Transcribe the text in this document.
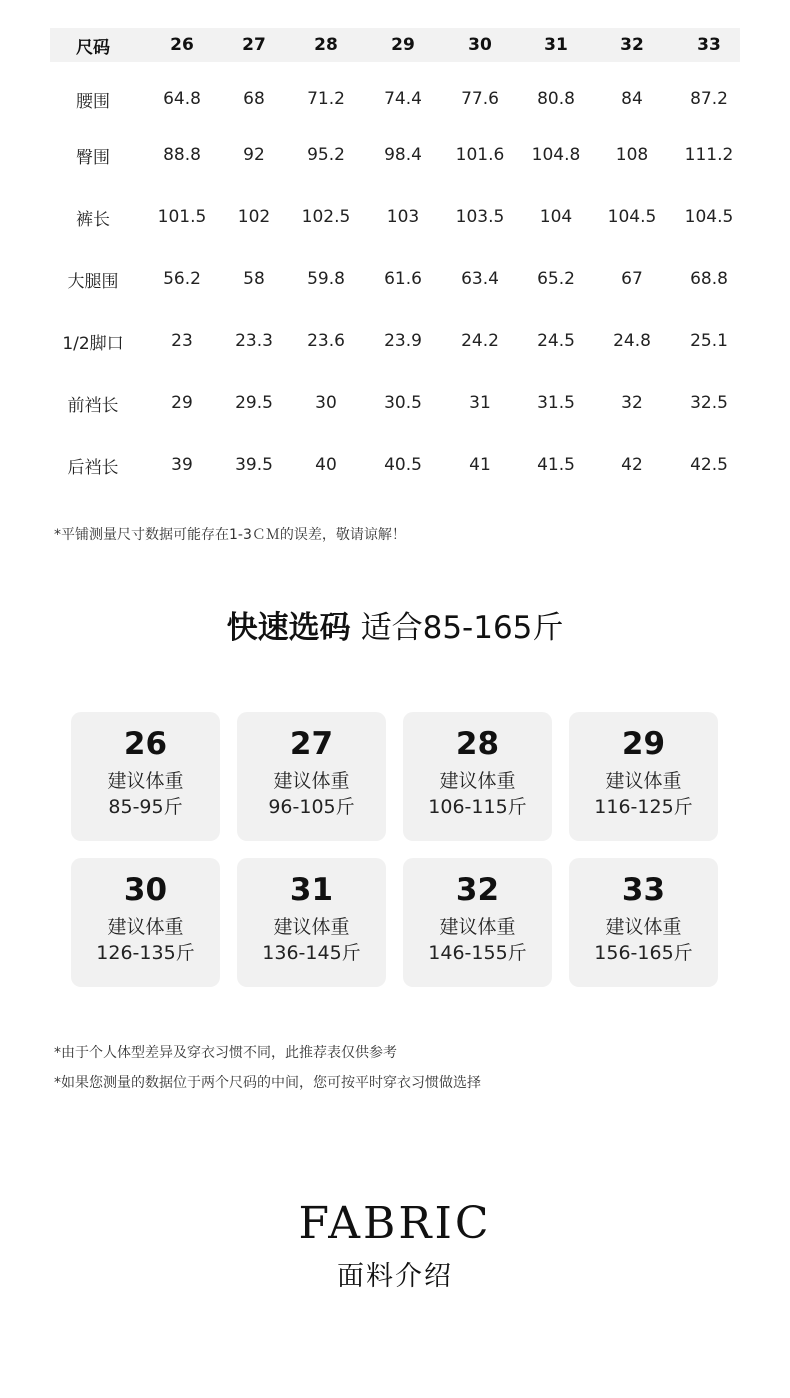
尺码	26	27	28	29	30	31	32	33
腰围	64.8	68	71.2	74.4	77.6	80.8	84	87.2
臀围	88.8	92	95.2	98.4	101.6	104.8	108	111.2
裤长	101.5	102	102.5	103	103.5	104	104.5	104.5
大腿围	56.2	58	59.8	61.6	63.4	65.2	67	68.8
1/2脚口	23	23.3	23.6	23.9	24.2	24.5	24.8	25.1
前裆长	29	29.5	30	30.5	31	31.5	32	32.5
后裆长	39	39.5	40	40.5	41	41.5	42	42.5
*平铺测量尺寸数据可能存在1-3ＣＭ的误差，敬请谅解！
快速选码 适合85-165斤
26
建议体重
85-95斤
27
建议体重
96-105斤
28
建议体重
106-115斤
29
建议体重
116-125斤
30
建议体重
126-135斤
31
建议体重
136-145斤
32
建议体重
146-155斤
33
建议体重
156-165斤
*由于个人体型差异及穿衣习惯不同，此推荐表仅供参考
*如果您测量的数据位于两个尺码的中间，您可按平时穿衣习惯做选择
FABRIC
面料介绍
